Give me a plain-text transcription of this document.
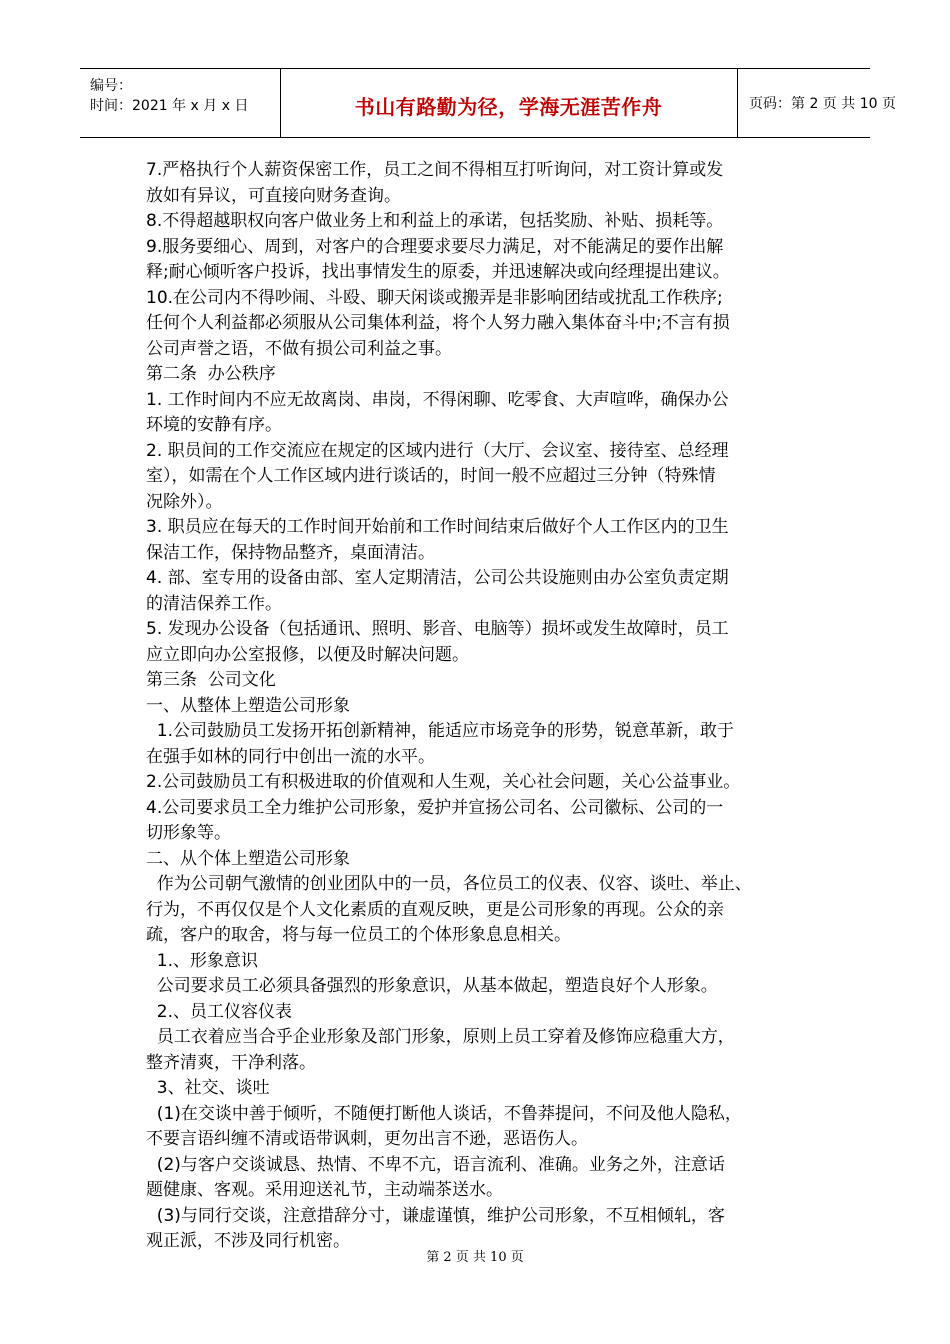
编号：
时间：2021 年 x 月 x 日	书山有路勤为径，学海无涯苦作舟	页码：第 2 页 共 10 页

7.严格执行个人薪资保密工作，员工之间不得相互打听询问，对工资计算或发

放如有异议，可直接向财务查询。

8.不得超越职权向客户做业务上和利益上的承诺，包括奖励、补贴、损耗等。

9.服务要细心、周到，对客户的合理要求要尽力满足，对不能满足的要作出解

释;耐心倾听客户投诉，找出事情发生的原委，并迅速解决或向经理提出建议。

10.在公司内不得吵闹、斗殴、聊天闲谈或搬弄是非影响团结或扰乱工作秩序;

任何个人利益都必须服从公司集体利益，将个人努力融入集体奋斗中;不言有损

公司声誉之语，不做有损公司利益之事。

第二条  办公秩序

1. 工作时间内不应无故离岗、串岗，不得闲聊、吃零食、大声喧哗，确保办公

环境的安静有序。

2. 职员间的工作交流应在规定的区域内进行（大厅、会议室、接待室、总经理

室），如需在个人工作区域内进行谈话的，时间一般不应超过三分钟（特殊情

况除外）。

3. 职员应在每天的工作时间开始前和工作时间结束后做好个人工作区内的卫生

保洁工作，保持物品整齐，桌面清洁。

4. 部、室专用的设备由部、室人定期清洁，公司公共设施则由办公室负责定期

的清洁保养工作。

5. 发现办公设备（包括通讯、照明、影音、电脑等）损坏或发生故障时，员工

应立即向办公室报修，以便及时解决问题。

第三条  公司文化

一、从整体上塑造公司形象

1.公司鼓励员工发扬开拓创新精神，能适应市场竞争的形势，锐意革新，敢于

在强手如林的同行中创出一流的水平。

2.公司鼓励员工有积极进取的价值观和人生观，关心社会问题，关心公益事业。

4.公司要求员工全力维护公司形象，爱护并宣扬公司名、公司徽标、公司的一

切形象等。

二、从个体上塑造公司形象

作为公司朝气激情的创业团队中的一员，各位员工的仪表、仪容、谈吐、举止、

行为，不再仅仅是个人文化素质的直观反映，更是公司形象的再现。公众的亲

疏，客户的取舍，将与每一位员工的个体形象息息相关。

1.、形象意识

公司要求员工必须具备强烈的形象意识，从基本做起，塑造良好个人形象。

2.、员工仪容仪表

员工衣着应当合乎企业形象及部门形象，原则上员工穿着及修饰应稳重大方，

整齐清爽，干净利落。

3、社交、谈吐

(1)在交谈中善于倾听，不随便打断他人谈话，不鲁莽提问，不问及他人隐私，

不要言语纠缠不清或语带讽刺，更勿出言不逊，恶语伤人。

(2)与客户交谈诚恳、热情、不卑不亢，语言流利、准确。业务之外，注意话

题健康、客观。采用迎送礼节，主动端茶送水。

(3)与同行交谈，注意措辞分寸，谦虚谨慎，维护公司形象，不互相倾轧，客

观正派，不涉及同行机密。

第 2 页 共 10 页
